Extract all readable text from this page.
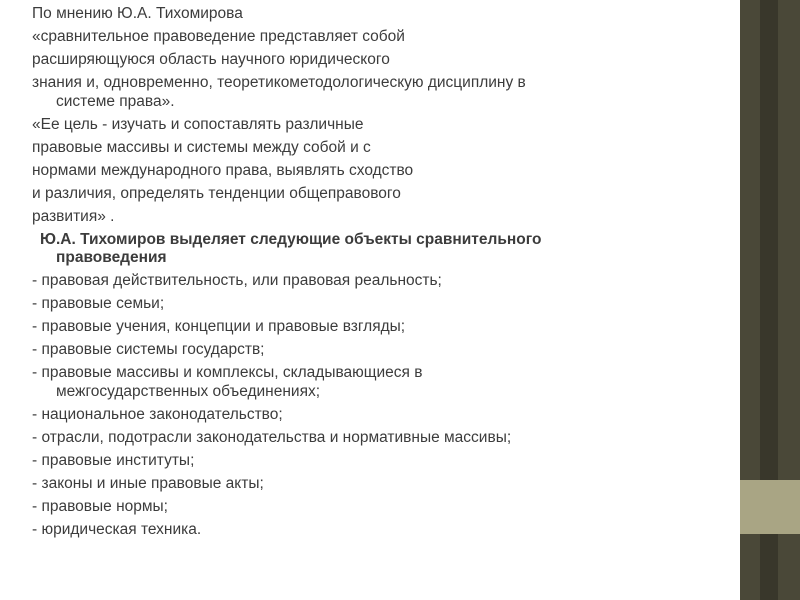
По мнению Ю.А. Тихомирова
«сравнительное правоведение представляет собой
расширяющуюся область научного юридического
знания и, одновременно, теоретикометодологическую дисциплину в
системе права».
«Ее цель - изучать и сопоставлять различные
правовые массивы и системы между собой и с
нормами международного права, выявлять сходство
и различия, определять тенденции общеправового
развития» .
Ю.А. Тихомиров выделяет следующие объекты сравнительного
правоведения
- правовая действительность, или правовая реальность;
- правовые семьи;
- правовые учения, концепции и правовые взгляды;
- правовые системы государств;
- правовые массивы и комплексы, складывающиеся в
межгосударственных объединениях;
- национальное законодательство;
- отрасли, подотрасли законодательства и нормативные массивы;
- правовые институты;
- законы и иные правовые акты;
- правовые нормы;
- юридическая техника.
